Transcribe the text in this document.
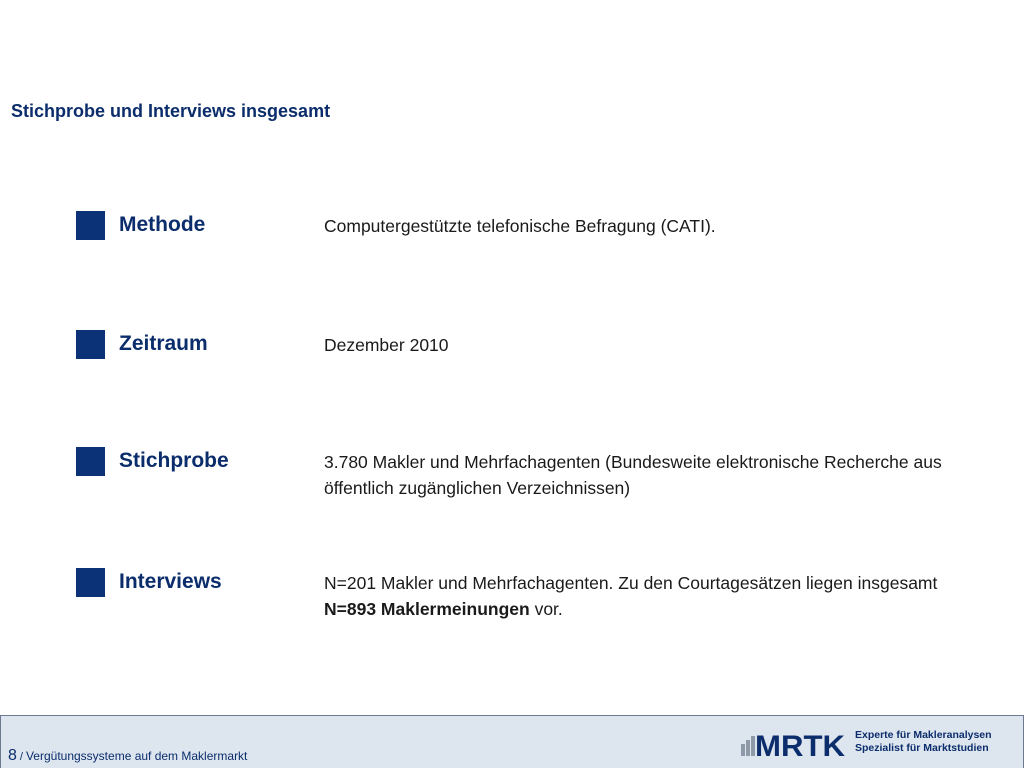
Stichprobe und Interviews insgesamt
Methode	Computergestützte telefonische Befragung (CATI).
Zeitraum	Dezember 2010
Stichprobe	3.780 Makler und Mehrfachagenten (Bundesweite elektronische Recherche aus öffentlich zugänglichen Verzeichnissen)
Interviews	N=201 Makler und Mehrfachagenten. Zu den Courtagesätzen liegen insgesamt N=893 Maklermeinungen vor.
8 / Vergütungssysteme auf dem Maklermarkt	MRTK Experte für Makleranalysen
Spezialist für Marktstudien
